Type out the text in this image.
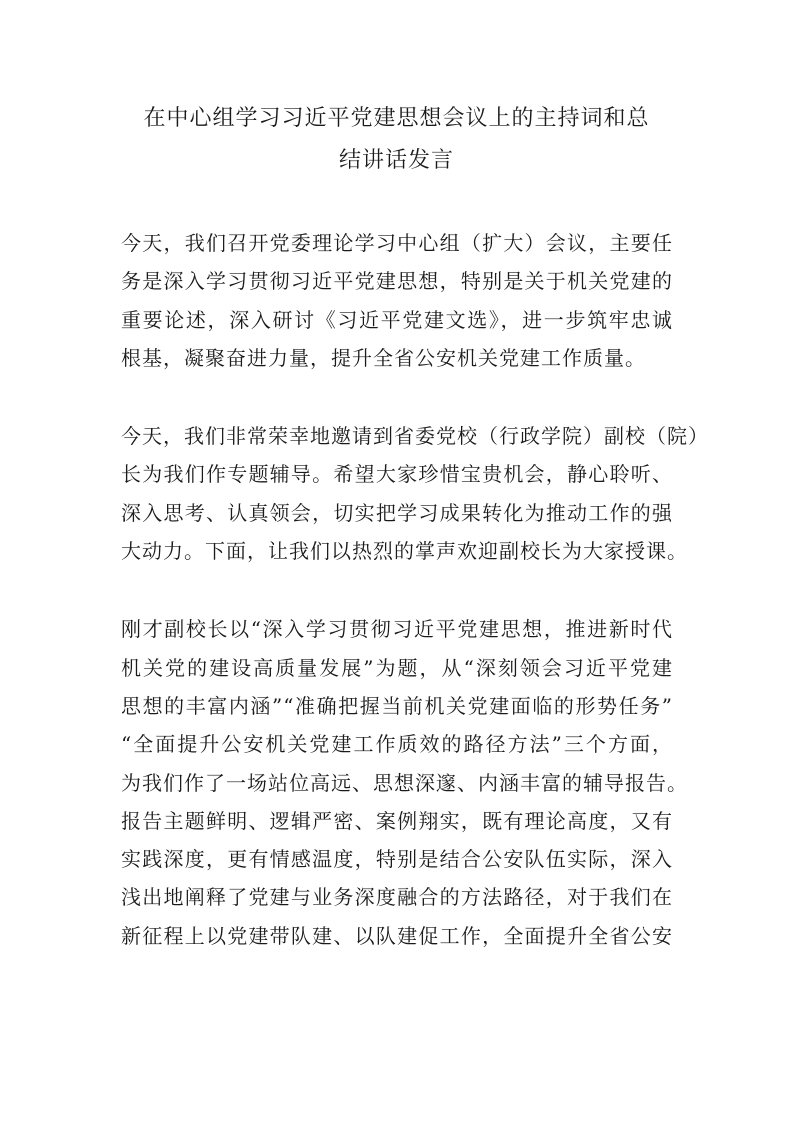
在中心组学习习近平党建思想会议上的主持词和总
结讲话发言

今天，我们召开党委理论学习中心组（扩大）会议，主要任
务是深入学习贯彻习近平党建思想，特别是关于机关党建的
重要论述，深入研讨《习近平党建文选》，进一步筑牢忠诚
根基，凝聚奋进力量，提升全省公安机关党建工作质量。

今天，我们非常荣幸地邀请到省委党校（行政学院）副校（院）
长为我们作专题辅导。希望大家珍惜宝贵机会，静心聆听、
深入思考、认真领会，切实把学习成果转化为推动工作的强
大动力。下面，让我们以热烈的掌声欢迎副校长为大家授课。

刚才副校长以“深入学习贯彻习近平党建思想，推进新时代
机关党的建设高质量发展”为题，从“深刻领会习近平党建
思想的丰富内涵”“准确把握当前机关党建面临的形势任务”
“全面提升公安机关党建工作质效的路径方法”三个方面，
为我们作了一场站位高远、思想深邃、内涵丰富的辅导报告。
报告主题鲜明、逻辑严密、案例翔实，既有理论高度，又有
实践深度，更有情感温度，特别是结合公安队伍实际，深入
浅出地阐释了党建与业务深度融合的方法路径，对于我们在
新征程上以党建带队建、以队建促工作，全面提升全省公安
